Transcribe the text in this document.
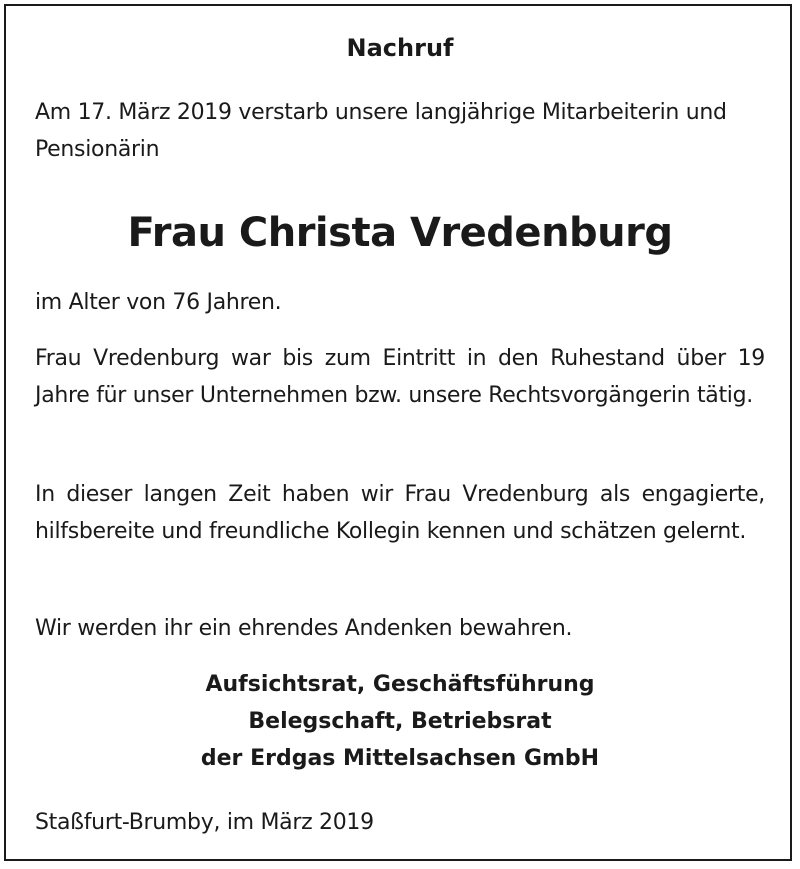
Nachruf
Am 17. März 2019 verstarb unsere langjährige Mitarbeiterin und Pensionärin
Frau Christa Vredenburg
im Alter von 76 Jahren.
Frau Vredenburg war bis zum Eintritt in den Ruhestand über 19 Jahre für unser Unternehmen bzw. unsere Rechtsvorgängerin tätig.
In dieser langen Zeit haben wir Frau Vredenburg als engagierte, hilfsbereite und freundliche Kollegin kennen und schätzen gelernt.
Wir werden ihr ein ehrendes Andenken bewahren.
Aufsichtsrat, Geschäftsführung
Belegschaft, Betriebsrat
der Erdgas Mittelsachsen GmbH
Staßfurt-Brumby, im März 2019
